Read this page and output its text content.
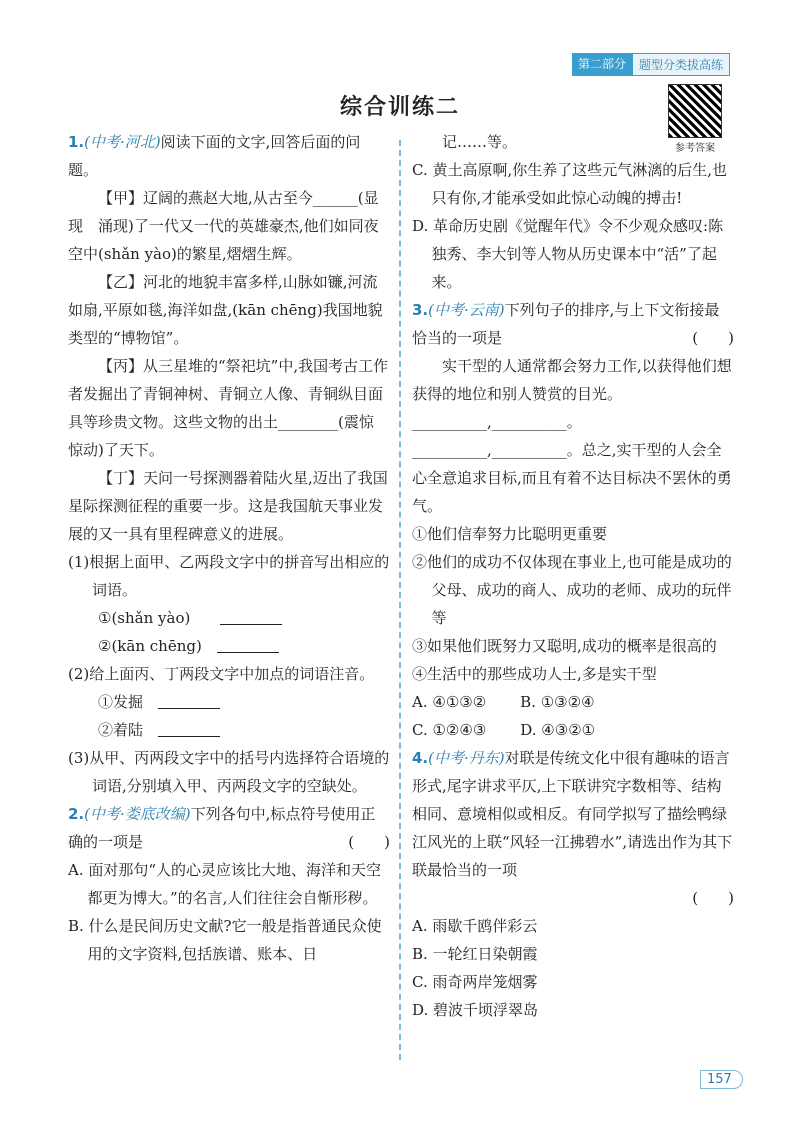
第二部分	题型分类拔高练
综合训练二
参考答案

1.(中考·河北)阅读下面的文字,回答后面的问题。

【甲】辽阔的燕赵大地,从古至今______(显现　涌现)了一代又一代的英雄豪杰,他们如同夜空中(shǎn yào)的繁星,熠熠生辉。

【乙】河北的地貌丰富多样,山脉如镰,河流如扇,平原如毯,海洋如盘,(kān chēng)我国地貌类型的“博物馆”。

【丙】从三星堆的“祭祀坑”中,我国考古工作者发掘出了青铜神树、青铜立人像、青铜纵目面具等珍贵文物。这些文物的出土________(震惊　惊动)了天下。

【丁】天问一号探测器着陆火星,迈出了我国星际探测征程的重要一步。这是我国航天事业发展的又一具有里程碑意义的进展。

(1)根据上面甲、乙两段文字中的拼音写出相应的词语。

①(shǎn yào)　　

②(kān chēng)　

(2)给上面丙、丁两段文字中加点的词语注音。

①发掘　

②着陆　

(3)从甲、丙两段文字中的括号内选择符合语境的词语,分别填入甲、丙两段文字的空缺处。

2.(中考·娄底改编)下列各句中,标点符号使用正确的一项是	(　　)

A. 面对那句“人的心灵应该比大地、海洋和天空都更为博大。”的名言,人们往往会自惭形秽。

B. 什么是民间历史文献?它一般是指普通民众使用的文字资料,包括族谱、账本、日

记……等。

C. 黄土高原啊,你生养了这些元气淋漓的后生,也只有你,才能承受如此惊心动魄的搏击!

D. 革命历史剧《觉醒年代》令不少观众感叹:陈独秀、李大钊等人物从历史课本中“活”了起来。

3.(中考·云南)下列句子的排序,与上下文衔接最恰当的一项是	(　　)

实干型的人通常都会努力工作,以获得他们想获得的地位和别人赞赏的目光。__________,__________。__________,__________。总之,实干型的人会全心全意追求目标,而且有着不达目标决不罢休的勇气。

①他们信奉努力比聪明更重要

②他们的成功不仅体现在事业上,也可能是成功的父母、成功的商人、成功的老师、成功的玩伴等

③如果他们既努力又聪明,成功的概率是很高的

④生活中的那些成功人士,多是实干型

A. ④①③② B. ①③②④
C. ①②④③ D. ④③②①

4.(中考·丹东)对联是传统文化中很有趣味的语言形式,尾字讲求平仄,上下联讲究字数相等、结构相同、意境相似或相反。有同学拟写了描绘鸭绿江风光的上联“风轻一江拂碧水”,请选出作为其下联最恰当的一项

(　　)

A. 雨歇千鸥伴彩云

B. 一轮红日染朝霞

C. 雨奇两岸笼烟雾

D. 碧波千顷浮翠岛

157
